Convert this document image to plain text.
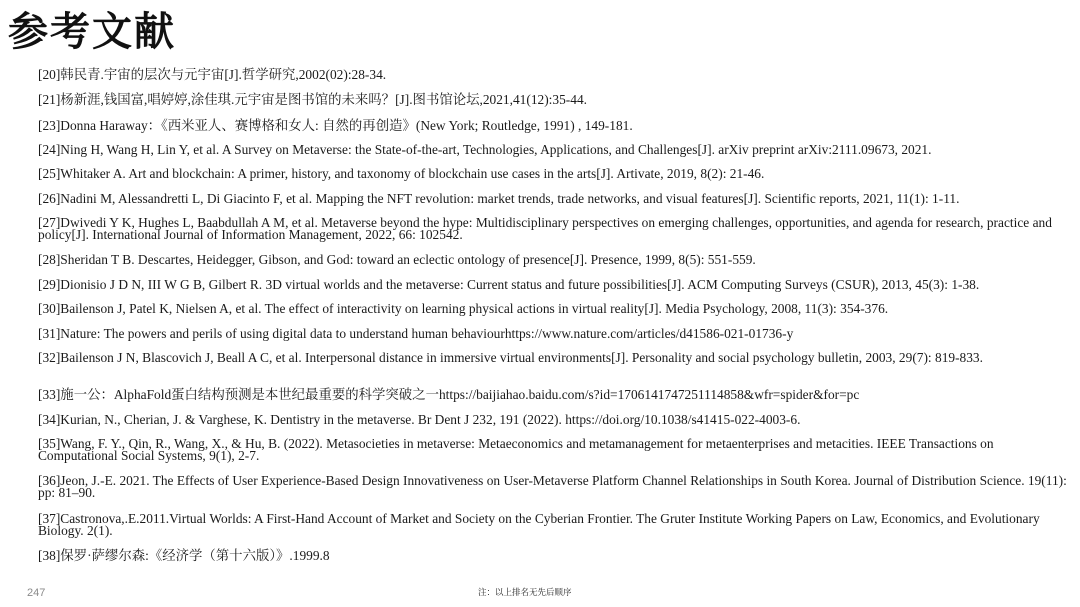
参考文献
[20]韩民青.宇宙的层次与元宇宙[J].哲学研究,2002(02):28-34.
[21]杨新涯,钱国富,唱婷婷,涂佳琪.元宇宙是图书馆的未来吗？[J].图书馆论坛,2021,41(12):35-44.
[23]Donna Haraway：《西米亚人、赛博格和女人: 自然的再创造》(New York; Routledge, 1991) , 149-181.
[24]Ning H, Wang H, Lin Y, et al. A Survey on Metaverse: the State-of-the-art, Technologies, Applications, and Challenges[J]. arXiv preprint arXiv:2111.09673, 2021.
[25]Whitaker A. Art and blockchain: A primer, history, and taxonomy of blockchain use cases in the arts[J]. Artivate, 2019, 8(2): 21-46.
[26]Nadini M, Alessandretti L, Di Giacinto F, et al. Mapping the NFT revolution: market trends, trade networks, and visual features[J]. Scientific reports, 2021, 11(1): 1-11.
[27]Dwivedi Y K, Hughes L, Baabdullah A M, et al. Metaverse beyond the hype: Multidisciplinary perspectives on emerging challenges, opportunities, and agenda for research, practice and policy[J]. International Journal of Information Management, 2022, 66: 102542.
[28]Sheridan T B. Descartes, Heidegger, Gibson, and God: toward an eclectic ontology of presence[J]. Presence, 1999, 8(5): 551-559.
[29]Dionisio J D N, III W G B, Gilbert R. 3D virtual worlds and the metaverse: Current status and future possibilities[J]. ACM Computing Surveys (CSUR), 2013, 45(3): 1-38.
[30]Bailenson J, Patel K, Nielsen A, et al. The effect of interactivity on learning physical actions in virtual reality[J]. Media Psychology, 2008, 11(3): 354-376.
[31]Nature: The powers and perils of using digital data to understand human behaviourhttps://www.nature.com/articles/d41586-021-01736-y
[32]Bailenson J N, Blascovich J, Beall A C, et al. Interpersonal distance in immersive virtual environments[J]. Personality and social psychology bulletin, 2003, 29(7): 819-833.
[33]施一公：AlphaFold蛋白结构预测是本世纪最重要的科学突破之一https://baijiahao.baidu.com/s?id=1706141747251114858&wfr=spider&for=pc
[34]Kurian, N., Cherian, J. & Varghese, K. Dentistry in the metaverse. Br Dent J 232, 191 (2022). https://doi.org/10.1038/s41415-022-4003-6.
[35]Wang, F. Y., Qin, R., Wang, X., & Hu, B. (2022). Metasocieties in metaverse: Metaeconomics and metamanagement for metaenterprises and metacities. IEEE Transactions on Computational Social Systems, 9(1), 2-7.
[36]Jeon, J.-E. 2021. The Effects of User Experience-Based Design Innovativeness on User-Metaverse Platform Channel Relationships in South Korea. Journal of Distribution Science. 19(11): pp: 81–90.
[37]Castronova,.E.2011.Virtual Worlds: A First-Hand Account of Market and Society on the Cyberian Frontier. The Gruter Institute Working Papers on Law, Economics, and Evolutionary Biology. 2(1).
[38]保罗·萨缪尔森:《经济学（第十六版）》.1999.8
247	注：以上排名无先后顺序
